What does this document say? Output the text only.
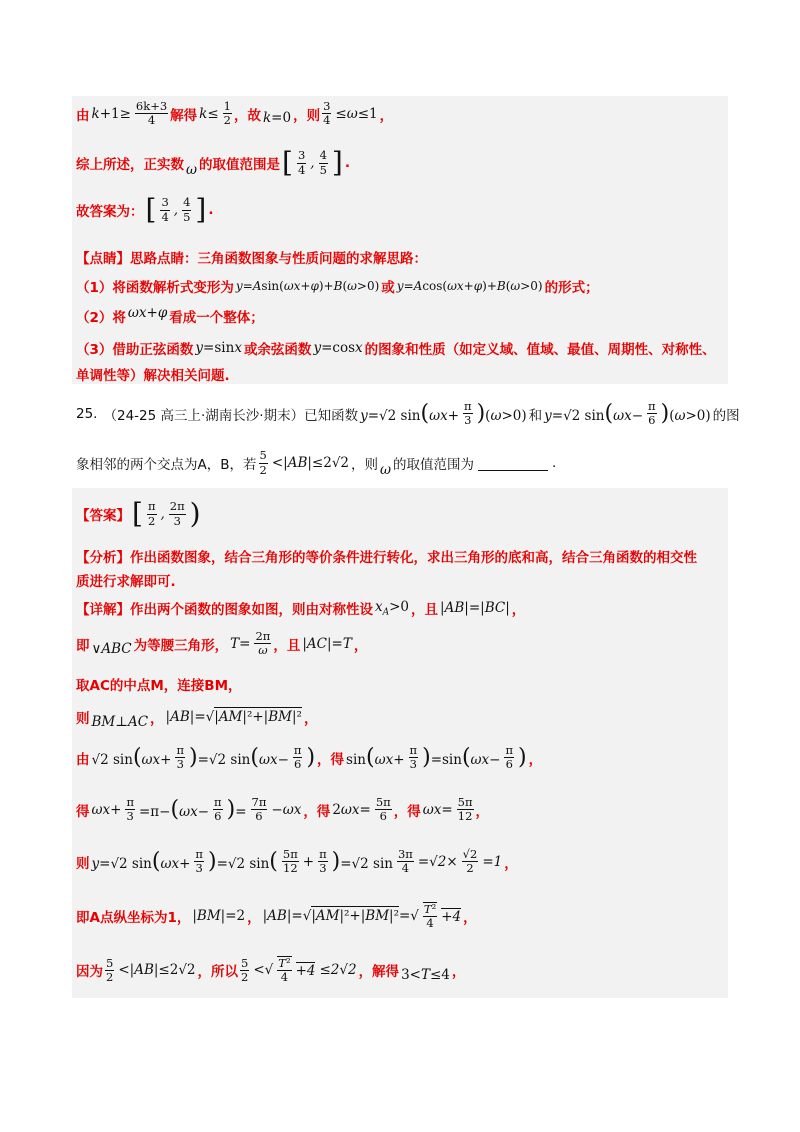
由 $k+1\ge \frac{6k+3}{4}$ 解得 $k\le \frac{1}{2}$ ，故 k=0 ，则 $\frac{3}{4} \le\omega\le 1$ ，
综上所述，正实数 ω 的取值范围是 [ $\frac{3}{4}$ , $\frac{4}{5}$ ] .
故答案为： [ $\frac{3}{4}$ , $\frac{4}{5}$ ] .
【点睛】思路点睛：三角函数图象与性质问题的求解思路：
（1）将函数解析式变形为 y=Asin(ωx+φ)+B(ω>0) 或 y=Acos(ωx+φ)+B(ω>0) 的形式；
（2）将 ωx+φ 看成一个整体；
（3）借助正弦函数 y=sinx 或余弦函数 y=cosx 的图象和性质（如定义域、值域、最值、周期性、对称性、
单调性等）解决相关问题.
25. （24-25 高三上·湖南长沙·期末）已知函数 y=√2 $\sin(\omega x+ \frac{\pi}{3} )(\omega>0)$ 和 y=√2 $\sin(\omega x- \frac{\pi}{6} )(\omega>0)$ 的图
象相邻的两个交点为A，B，若 $\frac{5}{2} <|AB|\le 2√2$ ，则 ω 的取值范围为	.
【答案】 [ $\frac{\pi}{2}$ , $\frac{2\pi}{3}$ )
【分析】作出函数图象，结合三角形的等价条件进行转化，求出三角形的底和高，结合三角函数的相交性
质进行求解即可.
【详解】作出两个函数的图象如图，则由对称性设 $x_A>0$ ，且 |AB|=|BC| ，
即 ∨ABC 为等腰三角形， $T= \frac{2\pi}{\omega}$ ，且 |AC|=T ，
取AC的中点M，连接BM，
则 BM⊥AC ， |AB|=√|AM|²+|BM|² ，
由 √2 $\sin(\omega x+ \frac{\pi}{3} )=√2$ $\sin(\omega x- \frac{\pi}{6}$ ) ，得 $\sin(\omega x+ \frac{\pi}{3} )=\sin(\omega x- \frac{\pi}{6}$ ) ，
得 $\omega x+ \frac{\pi}{3} =\pi-(\omega x- \frac{\pi}{6}$ )= $\frac{7\pi}{6} -\omega x$ ，得 $2\omega x= \frac{5\pi}{6}$ ，得 $\omega x= \frac{5\pi}{12}$ ，
则 y=√2 $\sin(\omega x+ \frac{\pi}{3} )=√2$ $\sin( \frac{5\pi}{12} + \frac{\pi}{3} )=√2$ $\sin \frac{3\pi}{4} =√2\times \frac{√2}{2} =1$ ，
即A点纵坐标为1， |BM|=2 ， $|AB|=√|AM|^2+|BM|^2=√ \frac{\text{T²}}{4} +4$ ，
因为 $\frac{5}{2} <|AB|\le 2√2$ ，所以 $\frac{5}{2}$ <√ $\frac{\text{T²}}{4} +4 \le 2√2$ ，解得 3<T≤4 ，
